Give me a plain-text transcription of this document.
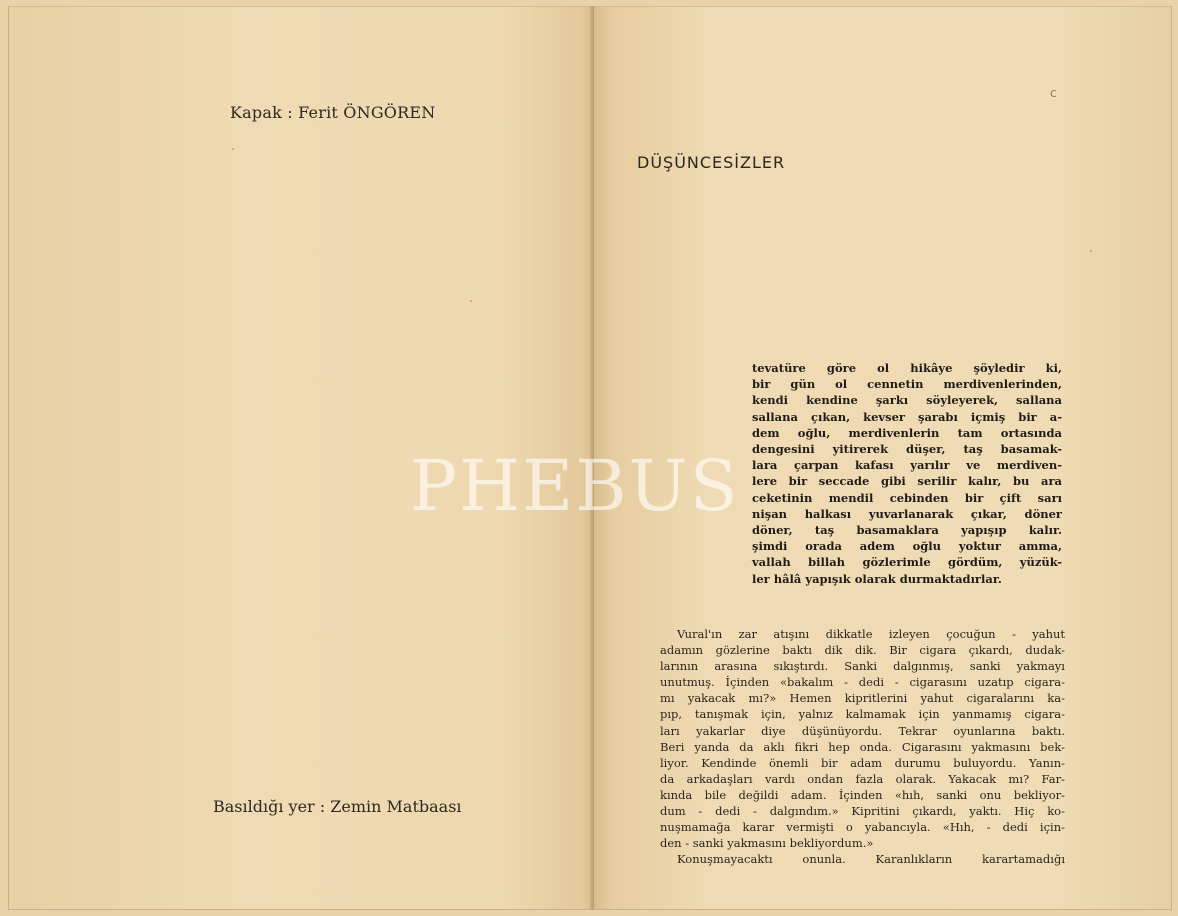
Kapak : Ferit ÖNGÖREN
Basıldığı yer : Zemin Matbaası
c
DÜŞÜNCESİZLER
tevatüre göre ol hikâye şöyledir ki,
bir gün ol cennetin merdivenlerinden,
kendi kendine şarkı söyleyerek, sallana
sallana çıkan, kevser şarabı içmiş bir a-
dem oğlu, merdivenlerin tam ortasında
dengesini yitirerek düşer, taş basamak-
lara çarpan kafası yarılır ve merdiven-
lere bir seccade gibi serilir kalır, bu ara
ceketinin mendil cebinden bir çift sarı
nişan halkası yuvarlanarak çıkar, döner
döner, taş basamaklara yapışıp kalır.
şimdi orada adem oğlu yoktur amma,
vallah billah gözlerimle gördüm, yüzük-
ler hâlâ yapışık olarak durmaktadırlar.
Vural'ın zar atışını dikkatle izleyen çocuğun - yahut
adamın gözlerine baktı dik dik. Bir cigara çıkardı, dudak-
larının arasına sıkıştırdı. Sanki dalgınmış, sanki yakmayı
unutmuş. İçinden «bakalım - dedi - cigarasını uzatıp cigara-
mı yakacak mı?» Hemen kipritlerini yahut cigaralarını ka-
pıp, tanışmak için, yalnız kalmamak için yanmamış cigara-
ları yakarlar diye düşünüyordu. Tekrar oyunlarına baktı.
Beri yanda da aklı fikri hep onda. Cigarasını yakmasını bek-
liyor. Kendinde önemli bir adam durumu buluyordu. Yanın-
da arkadaşları vardı ondan fazla olarak. Yakacak mı? Far-
kında bile değildi adam. İçinden «hıh, sanki onu bekliyor-
dum - dedi - dalgındım.» Kipritini çıkardı, yaktı. Hiç ko-
nuşmamağa karar vermişti o yabancıyla. «Hıh, - dedi için-
den - sanki yakmasını bekliyordum.»
Konuşmayacaktı onunla. Karanlıkların karartamadığı
PHEBUS
